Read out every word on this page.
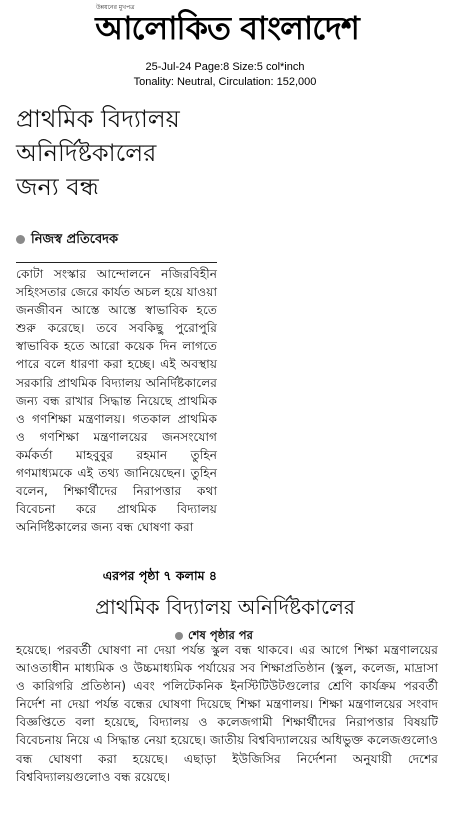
উন্নয়নের মুখপত্র
আলোকিত বাংলাদেশ
25-Jul-24 Page:8 Size:5 col*inch
Tonality: Neutral, Circulation: 152,000
প্রাথমিক বিদ্যালয়
অনির্দিষ্টকালের
জন্য বন্ধ
নিজস্ব প্রতিবেদক

কোটা সংস্কার আন্দোলনে নজিরবিহীন সহিংসতার জেরে কার্যত অচল হয়ে যাওয়া জনজীবন আস্তে আস্তে স্বাভাবিক হতে শুরু করেছে। তবে সবকিছু পুরোপুরি স্বাভাবিক হতে আরো কয়েক দিন লাগতে পারে বলে ধারণা করা হচ্ছে। এই অবস্থায় সরকারি প্রাথমিক বিদ্যালয় অনির্দিষ্টকালের জন্য বন্ধ রাখার সিদ্ধান্ত নিয়েছে প্রাথমিক ও গণশিক্ষা মন্ত্রণালয়। গতকাল প্রাথমিক ও গণশিক্ষা মন্ত্রণালয়ের জনসংযোগ কর্মকর্তা মাহবুবুর রহমান তুহিন গণমাধ্যমকে এই তথ্য জানিয়েছেন। তুহিন বলেন, শিক্ষার্থীদের নিরাপত্তার কথা বিবেচনা করে প্রাথমিক বিদ্যালয় অনির্দিষ্টকালের জন্য বন্ধ ঘোষণা করা

এরপর পৃষ্ঠা ৭ কলাম ৪
প্রাথমিক বিদ্যালয় অনির্দিষ্টকালের
শেষ পৃষ্ঠার পর

হয়েছে। পরবর্তী ঘোষণা না দেয়া পর্যন্ত স্কুল বন্ধ থাকবে। এর আগে শিক্ষা মন্ত্রণালয়ের আওতাধীন মাধ্যমিক ও উচ্চমাধ্যমিক পর্যায়ের সব শিক্ষাপ্রতিষ্ঠান (স্কুল, কলেজ, মাদ্রাসা ও কারিগরি প্রতিষ্ঠান) এবং পলিটেকনিক ইনস্টিটিউটগুলোর শ্রেণি কার্যক্রম পরবর্তী নির্দেশ না দেয়া পর্যন্ত বন্ধের ঘোষণা দিয়েছে শিক্ষা মন্ত্রণালয়। শিক্ষা মন্ত্রণালয়ের সংবাদ বিজ্ঞপ্তিতে বলা হয়েছে, বিদ্যালয় ও কলেজগামী শিক্ষার্থীদের নিরাপত্তার বিষয়টি বিবেচনায় নিয়ে এ সিদ্ধান্ত নেয়া হয়েছে। জাতীয় বিশ্ববিদ্যালয়ের অধিভুক্ত কলেজগুলোও বন্ধ ঘোষণা করা হয়েছে। এছাড়া ইউজিসির নির্দেশনা অনুযায়ী দেশের বিশ্ববিদ্যালয়গুলোও বন্ধ রয়েছে।
